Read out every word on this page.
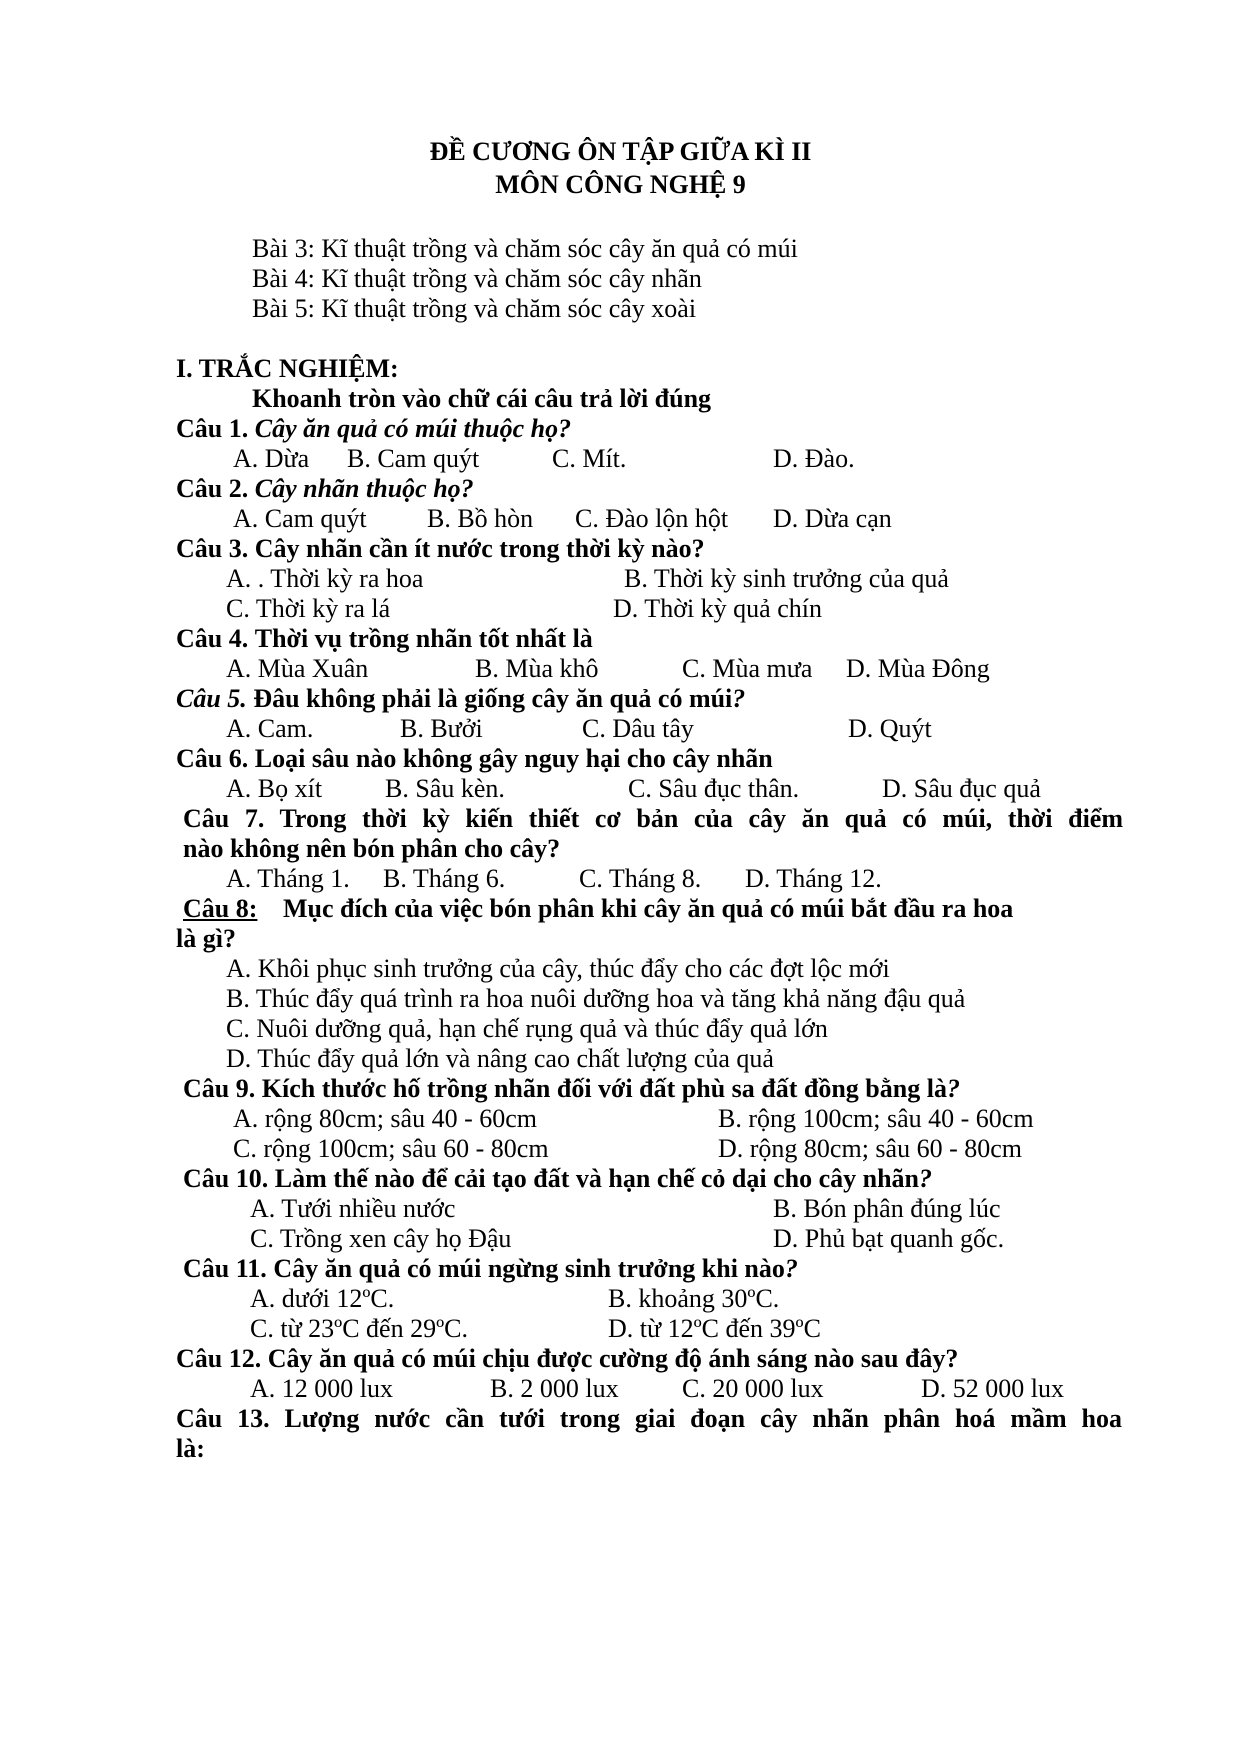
ĐỀ CƯƠNG ÔN TẬP GIỮA KÌ II
MÔN CÔNG NGHỆ 9
Bài 3: Kĩ thuật trồng và chăm sóc cây ăn quả có múi
Bài 4: Kĩ thuật trồng và chăm sóc cây nhãn
Bài 5: Kĩ thuật trồng và chăm sóc cây xoài
I. TRẮC NGHIỆM:
Khoanh tròn vào chữ cái câu trả lời đúng
Câu 1. Cây ăn quả có múi thuộc họ?
A. Dừa B. Cam quýt	C. Mít.	D. Đào.
Câu 2. Cây nhãn thuộc họ?
A. Cam quýt B. Bồ hòn C. Đào lộn hột D. Dừa cạn
Câu 3. Cây nhãn cần ít nước trong thời kỳ nào?
A. . Thời kỳ ra hoa	B. Thời kỳ sinh trưởng của quả
C. Thời kỳ ra lá	D. Thời kỳ quả chín
Câu 4. Thời vụ trồng nhãn tốt nhất là
A. Mùa Xuân	B. Mùa khô	C. Mùa mưa D. Mùa Đông
Câu 5. Đâu không phải là giống cây ăn quả có múi?
A. Cam.	B. Bưởi	C. Dâu tây	D. Quýt
Câu 6. Loại sâu nào không gây nguy hại cho cây nhãn
A. Bọ xít B. Sâu kèn.	C. Sâu đục thân.	D. Sâu đục quả
Câu 7. Trong thời kỳ kiến thiết cơ bản của cây ăn quả có múi, thời điểm
nào không nên bón phân cho cây?
A. Tháng 1. B. Tháng 6.	C. Tháng 8. D. Tháng 12.
Câu 8: Mục đích của việc bón phân khi cây ăn quả có múi bắt đầu ra hoa
là gì?
A. Khôi phục sinh trưởng của cây, thúc đẩy cho các đợt lộc mới
B. Thúc đẩy quá trình ra hoa nuôi dưỡng hoa và tăng khả năng đậu quả
C. Nuôi dưỡng quả, hạn chế rụng quả và thúc đẩy quả lớn
D. Thúc đẩy quả lớn và nâng cao chất lượng của quả
Câu 9. Kích thước hố trồng nhãn đối với đất phù sa đất đồng bằng là?
A. rộng 80cm; sâu 40 - 60cm	B. rộng 100cm; sâu 40 - 60cm
C. rộng 100cm; sâu 60 - 80cm	D. rộng 80cm; sâu 60 - 80cm
Câu 10. Làm thế nào để cải tạo đất và hạn chế cỏ dại cho cây nhãn?
A. Tưới nhiều nước	B. Bón phân đúng lúc
C. Trồng xen cây họ Đậu	D. Phủ bạt quanh gốc.
Câu 11. Cây ăn quả có múi ngừng sinh trưởng khi nào?
A. dưới 12ºC.	B. khoảng 30ºC.
C. từ 23ºC đến 29ºC.	D. từ 12ºC đến 39ºC
Câu 12. Cây ăn quả có múi chịu được cường độ ánh sáng nào sau đây?
A. 12 000 lux	B. 2 000 lux C. 20 000 lux	D. 52 000 lux
Câu 13. Lượng nước cần tưới trong giai đoạn cây nhãn phân hoá mầm hoa
là:
